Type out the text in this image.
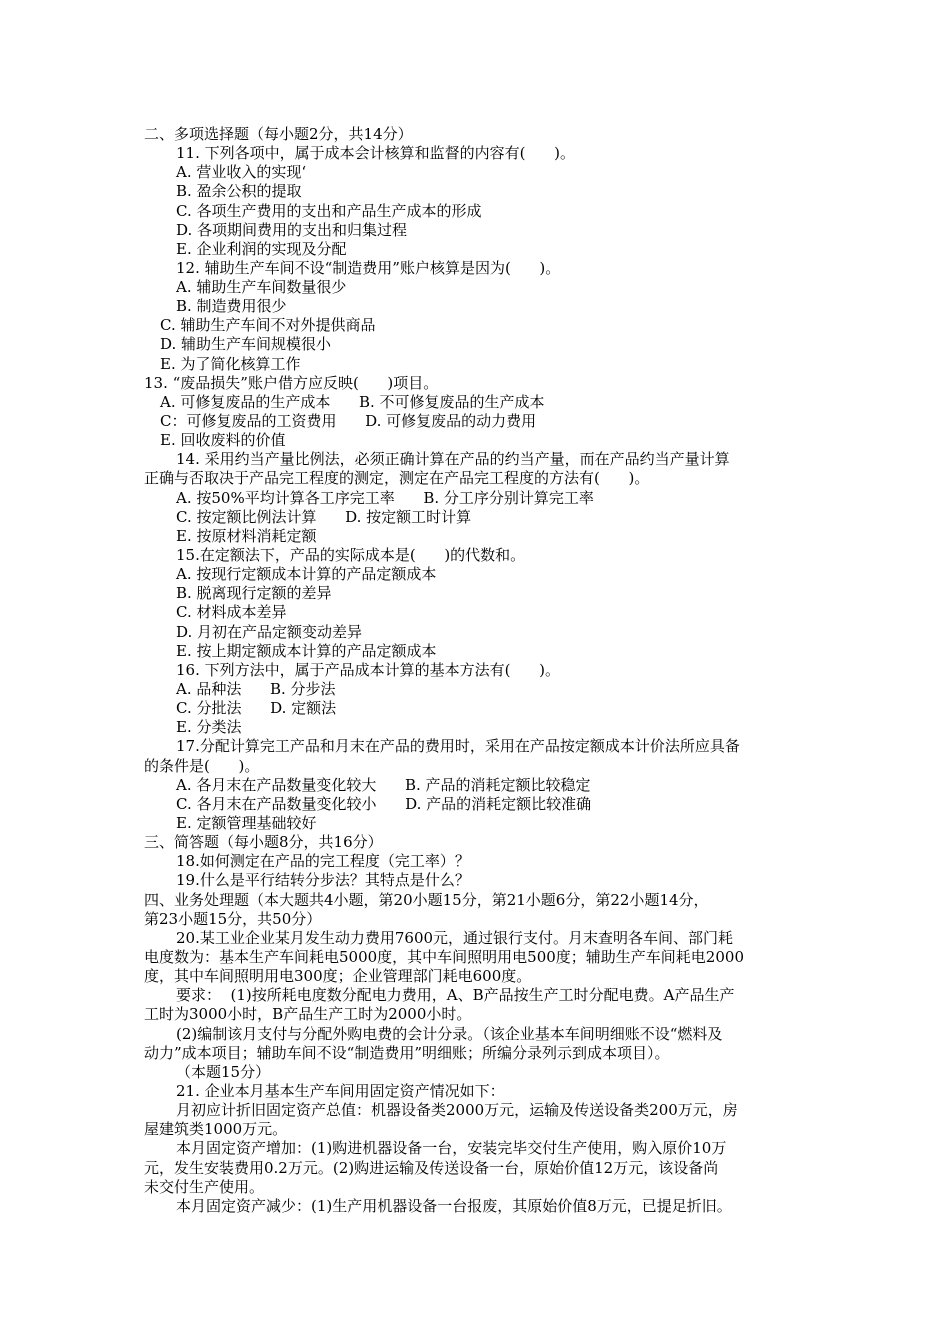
二、多项选择题（每小题2分，共14分）
11. 下列各项中，属于成本会计核算和监督的内容有(      )。
A. 营业收入的实现‘
B. 盈余公积的提取
C. 各项生产费用的支出和产品生产成本的形成
D. 各项期间费用的支出和归集过程
E. 企业利润的实现及分配
12. 辅助生产车间不设“制造费用”账户核算是因为(      )。
A. 辅助生产车间数量很少
B. 制造费用很少
C. 辅助生产车间不对外提供商品
D. 辅助生产车间规模很小
E. 为了简化核算工作
13. “废品损失”账户借方应反映(      )项目。
A. 可修复废品的生产成本      B. 不可修复废品的生产成本
C：可修复废品的工资费用      D. 可修复废品的动力费用
E. 回收废料的价值
14. 采用约当产量比例法，必须正确计算在产品的约当产量，而在产品约当产量计算
正确与否取决于产品完工程度的测定，测定在产品完工程度的方法有(      )。
A. 按50%平均计算各工序完工率      B. 分工序分别计算完工率
C. 按定额比例法计算      D. 按定额工时计算
E. 按原材料消耗定额
15.在定额法下，产品的实际成本是(      )的代数和。
A. 按现行定额成本计算的产品定额成本
B. 脱离现行定额的差异
C. 材料成本差异
D. 月初在产品定额变动差异
E. 按上期定额成本计算的产品定额成本
16. 下列方法中，属于产品成本计算的基本方法有(      )。
A. 品种法      B. 分步法
C. 分批法      D. 定额法
E. 分类法
17.分配计算完工产品和月末在产品的费用时，采用在产品按定额成本计价法所应具备
的条件是(      )。
A. 各月末在产品数量变化较大      B. 产品的消耗定额比较稳定
C. 各月末在产品数量变化较小      D. 产品的消耗定额比较准确
E. 定额管理基础较好
三、简答题（每小题8分，共16分）
18.如何测定在产品的完工程度（完工率）？
19.什么是平行结转分步法？其特点是什么？
四、业务处理题（本大题共4小题，第20小题15分，第21小题6分，第22小题14分，
第23小题15分，共50分）
20.某工业企业某月发生动力费用7600元，通过银行支付。月末查明各车间、部门耗
电度数为：基本生产车间耗电5000度，其中车间照明用电500度；辅助生产车间耗电2000
度，其中车间照明用电300度；企业管理部门耗电600度。
要求：  (1)按所耗电度数分配电力费用，A、B产品按生产工时分配电费。A产品生产
工时为3000小时，B产品生产工时为2000小时。
(2)编制该月支付与分配外购电费的会计分录。（该企业基本车间明细账不设“燃料及
动力”成本项目；辅助车间不设“制造费用”明细账；所编分录列示到成本项目）。
（本题15分）
21. 企业本月基本生产车间用固定资产情况如下：
月初应计折旧固定资产总值：机器设备类2000万元，运输及传送设备类200万元，房
屋建筑类1000万元。
本月固定资产增加：(1)购进机器设备一台，安装完毕交付生产使用，购入原价10万
元，发生安装费用0.2万元。(2)购进运输及传送设备一台，原始价值12万元，该设备尚
未交付生产使用。
本月固定资产减少：(1)生产用机器设备一台报废，其原始价值8万元，已提足折旧。
